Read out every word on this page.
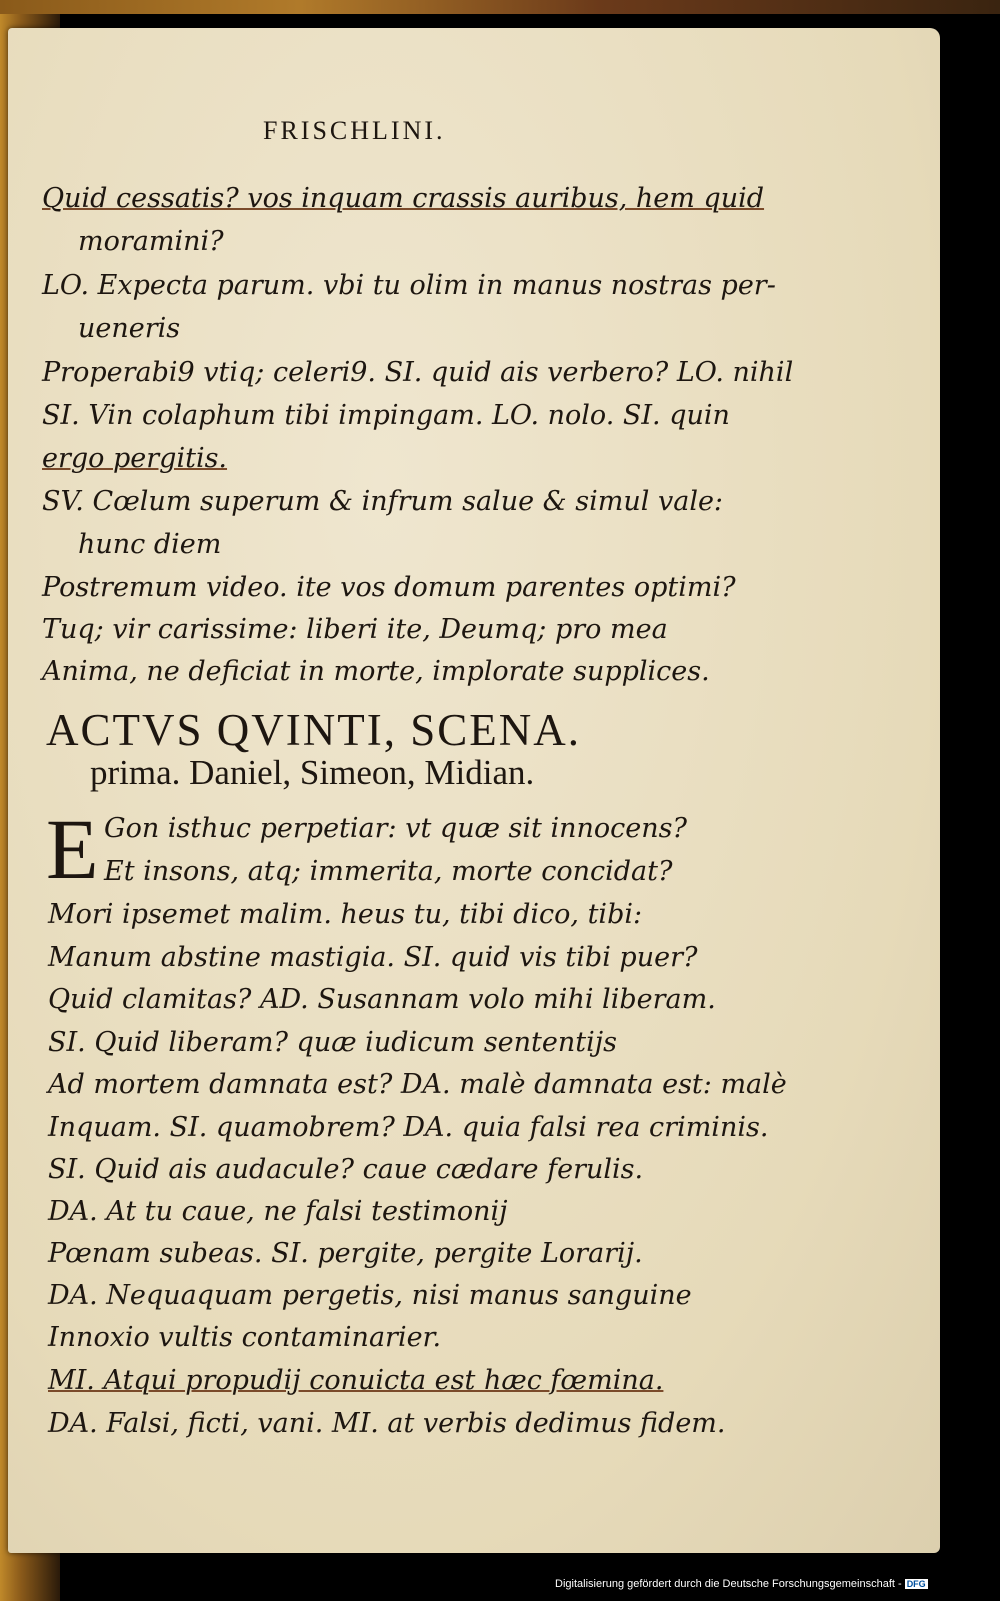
FRISCHLINI.
Quid cessatis? vos inquam crassis auribus, hem quid
moramini?
LO. Expecta parum. vbi tu olim in manus nostras per-
ueneris
Properabi9 vtiq; celeri9. SI. quid ais verbero? LO. nihil
SI. Vin colaphum tibi impingam. LO. nolo. SI. quin
ergo pergitis.
SV. Cœlum superum & infrum salue & simul vale:
hunc diem
Postremum video. ite vos domum parentes optimi?
Tuq; vir carissime: liberi ite, Deumq; pro mea
Anima, ne deficiat in morte, implorate supplices.
ACTVS QVINTI, SCENA.
prima. Daniel, Simeon, Midian.
E Gon isthuc perpetiar: vt quæ sit innocens?
Et insons, atq; immerita, morte concidat?
Mori ipsemet malim. heus tu, tibi dico, tibi:
Manum abstine mastigia. SI. quid vis tibi puer?
Quid clamitas? AD. Susannam volo mihi liberam.
SI. Quid liberam? quæ iudicum sententijs
Ad mortem damnata est? DA. malè damnata est: malè
Inquam. SI. quamobrem? DA. quia falsi rea criminis.
SI. Quid ais audacule? caue cædare ferulis.
DA. At tu caue, ne falsi testimonij
Pœnam subeas. SI. pergite, pergite Lorarij.
DA. Nequaquam pergetis, nisi manus sanguine
Innoxio vultis contaminarier.
MI. Atqui propudij conuicta est hæc fœmina.
DA. Falsi, ficti, vani. MI. at verbis dedimus fidem.
Digitalisierung gefördert durch die Deutsche Forschungsgemeinschaft - DFG
